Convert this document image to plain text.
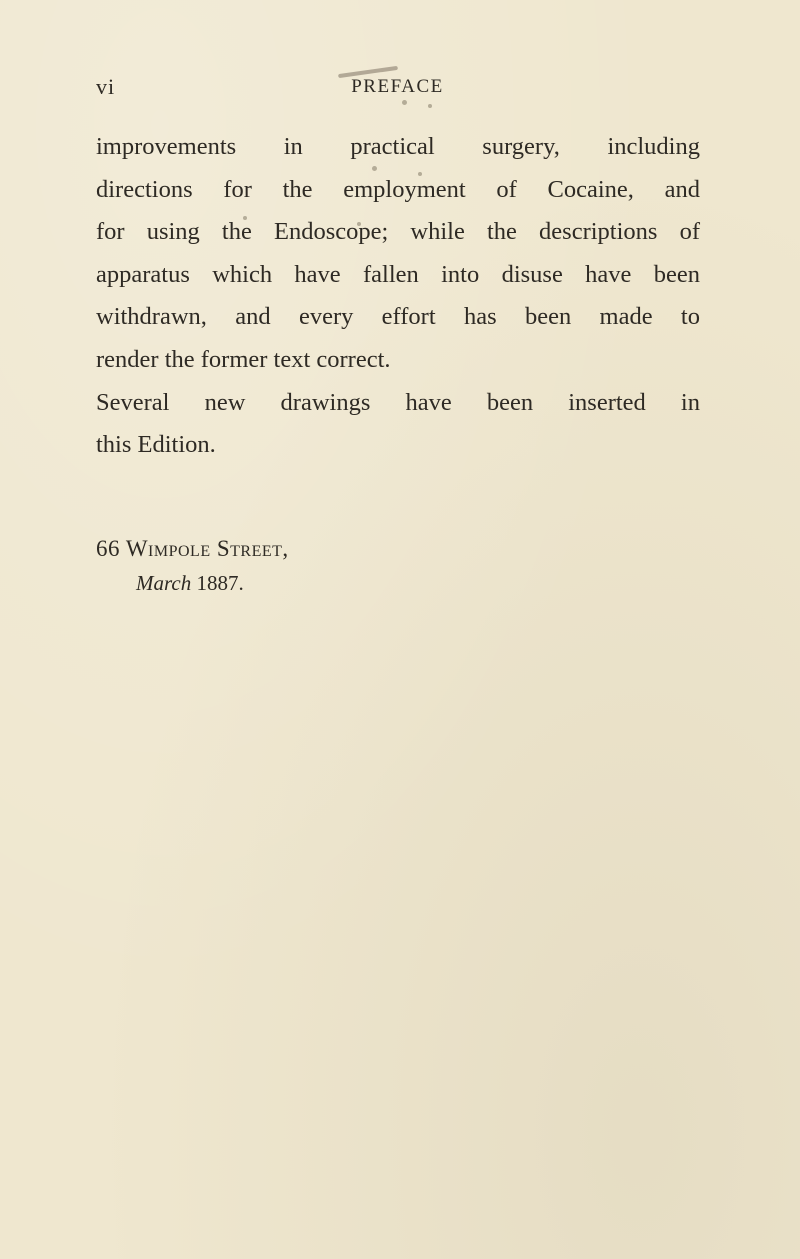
vi	PREFACE
improvements in practical surgery, including
directions for the employment of Cocaine, and
for using the Endoscope; while the descriptions of
apparatus which have fallen into disuse have been
withdrawn, and every effort has been made to
render the former text correct.
Several new drawings have been inserted in
this Edition.
66 Wimpole Street,
March 1887.
